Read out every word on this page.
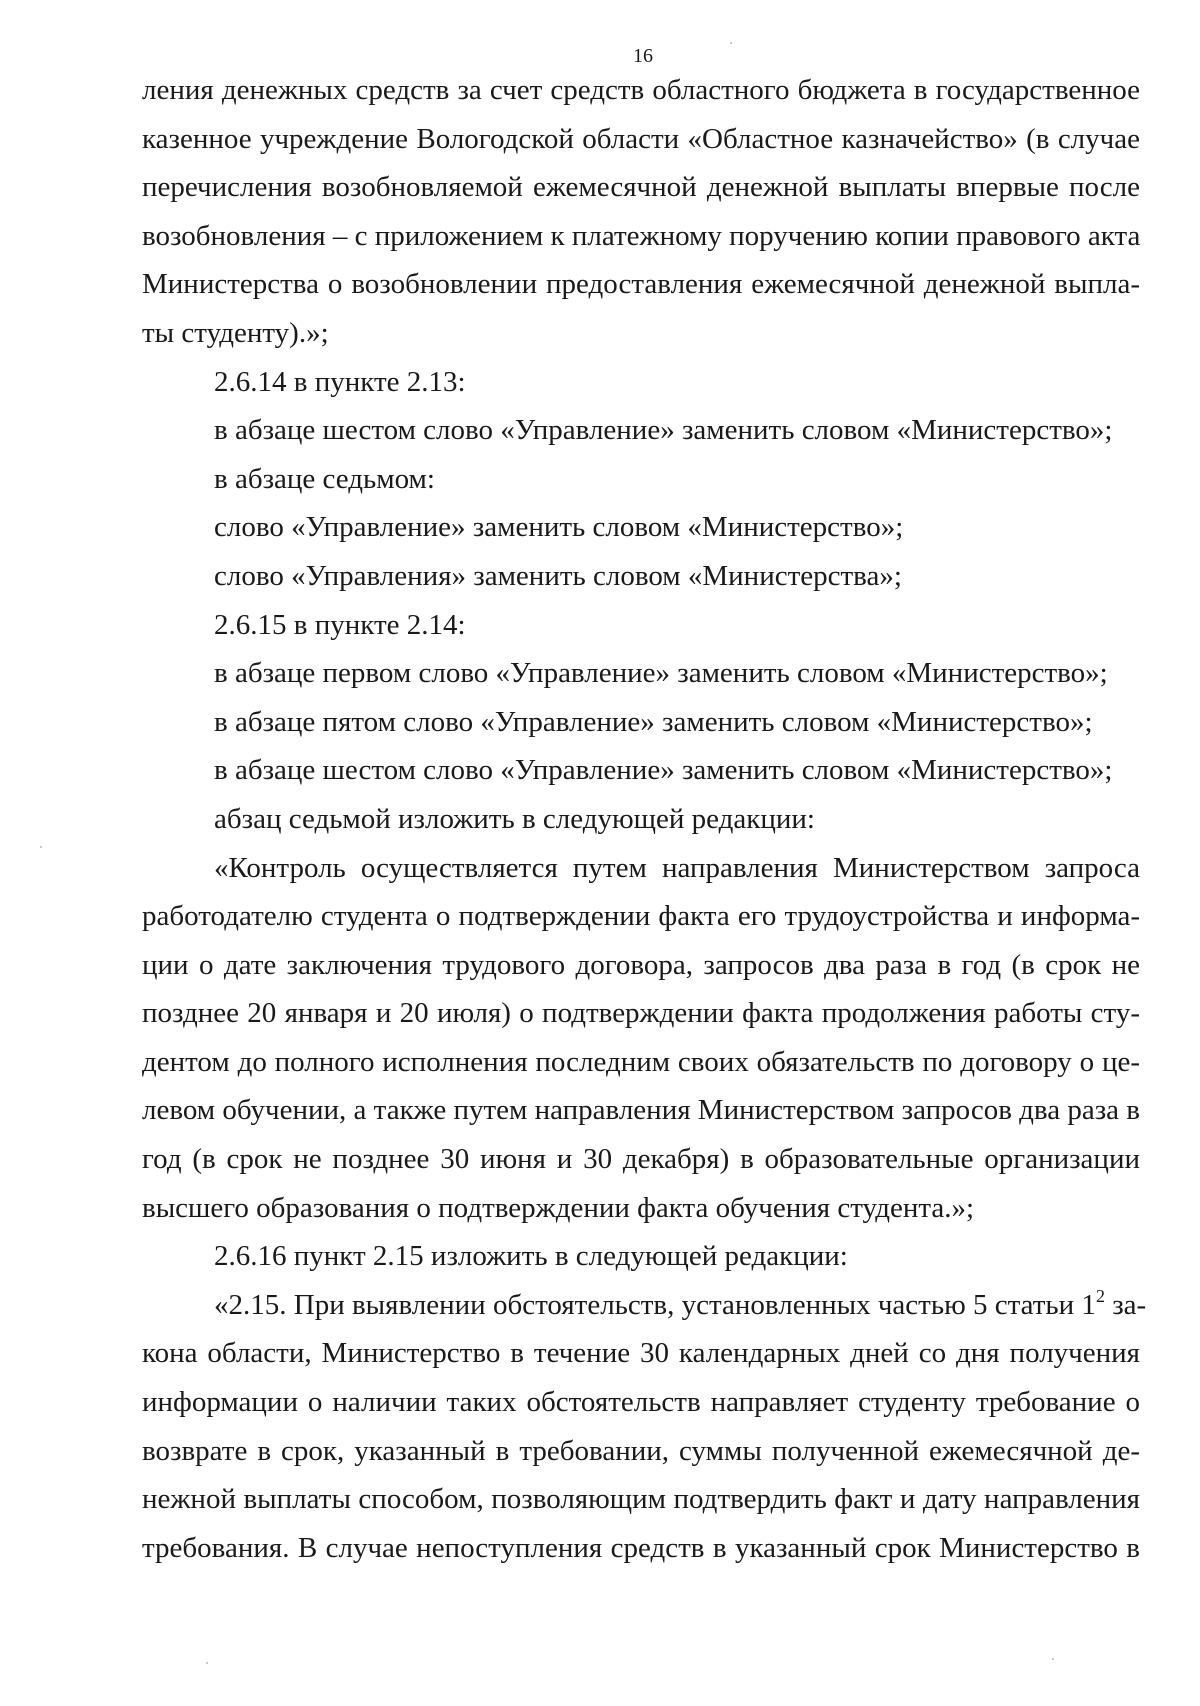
16
ления денежных средств за счет средств областного бюджета в государственное
казенное учреждение Вологодской области «Областное казначейство» (в случае
перечисления возобновляемой ежемесячной денежной выплаты впервые после
возобновления – с приложением к платежному поручению копии правового акта
Министерства о возобновлении предоставления ежемесячной денежной выпла-
ты студенту).»;
2.6.14 в пункте 2.13:
в абзаце шестом слово «Управление» заменить словом «Министерство»;
в абзаце седьмом:
слово «Управление» заменить словом «Министерство»;
слово «Управления» заменить словом «Министерства»;
2.6.15 в пункте 2.14:
в абзаце первом слово «Управление» заменить словом «Министерство»;
в абзаце пятом слово «Управление» заменить словом «Министерство»;
в абзаце шестом слово «Управление» заменить словом «Министерство»;
абзац седьмой изложить в следующей редакции:
«Контроль осуществляется путем направления Министерством запроса
работодателю студента о подтверждении факта его трудоустройства и информа-
ции о дате заключения трудового договора, запросов два раза в год (в срок не
позднее 20 января и 20 июля) о подтверждении факта продолжения работы сту-
дентом до полного исполнения последним своих обязательств по договору о це-
левом обучении, а также путем направления Министерством запросов два раза в
год (в срок не позднее 30 июня и 30 декабря) в образовательные организации
высшего образования о подтверждении факта обучения студента.»;
2.6.16 пункт 2.15 изложить в следующей редакции:
«2.15. При выявлении обстоятельств, установленных частью 5 статьи $1^2$ за-
кона области, Министерство в течение 30 календарных дней со дня получения
информации о наличии таких обстоятельств направляет студенту требование о
возврате в срок, указанный в требовании, суммы полученной ежемесячной де-
нежной выплаты способом, позволяющим подтвердить факт и дату направления
требования. В случае непоступления средств в указанный срок Министерство в
